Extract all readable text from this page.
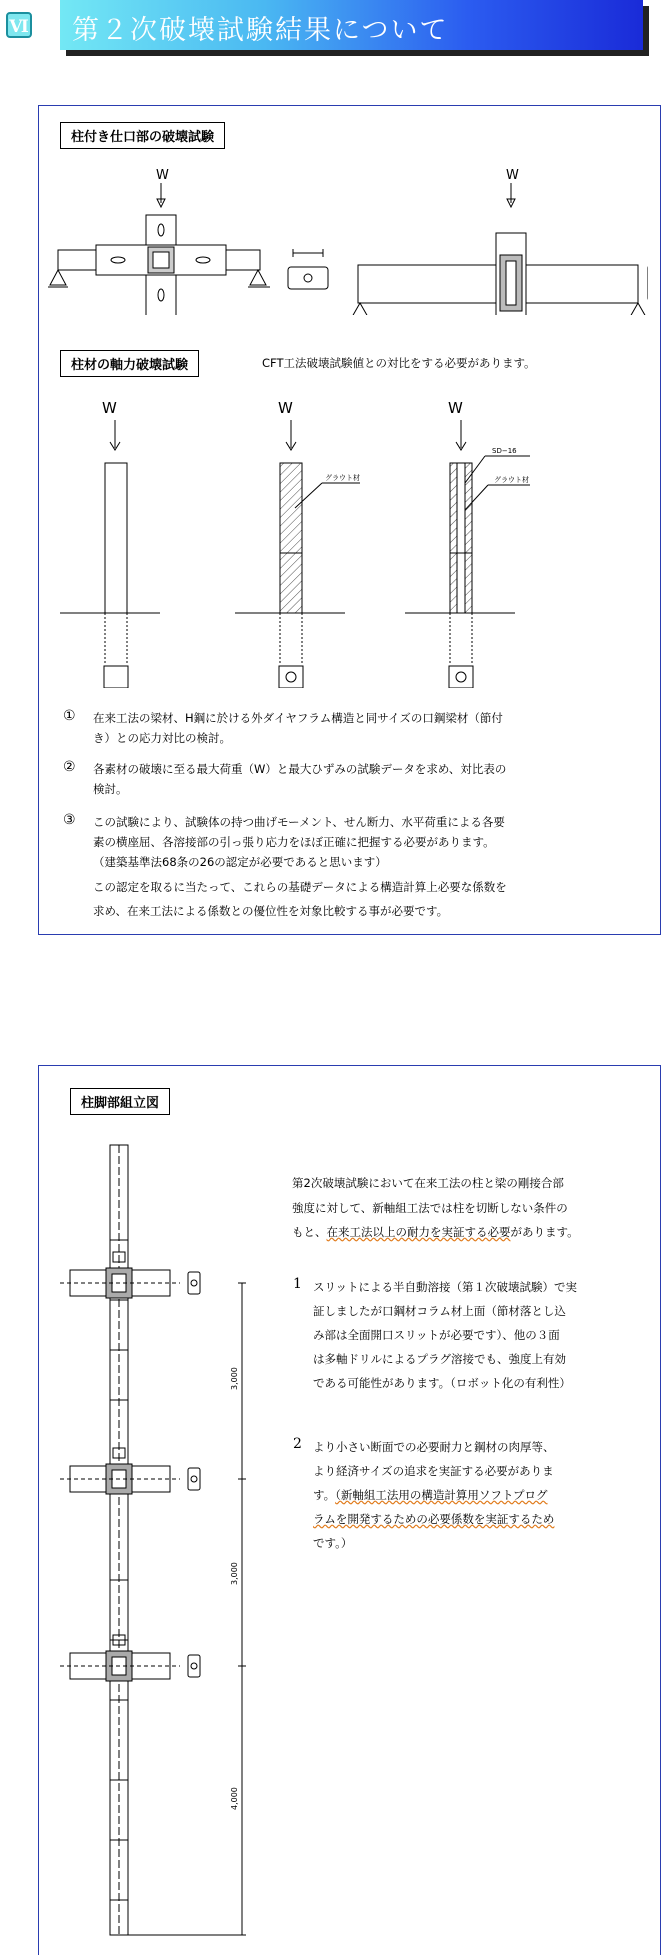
Ⅵ 第２次破壊試験結果について
柱付き仕口部の破壊試験
W	W
柱材の軸力破壊試験	CFT工法破壊試験値との対比をする必要があります。
W	W
グラウト材
W
SD−16
グラウト材
① 在来工法の梁材、H鋼に於ける外ダイヤフラム構造と同サイズの口鋼梁材（節付
き）との応力対比の検討。
② 各素材の破壊に至る最大荷重（W）と最大ひずみの試験データを求め、対比表の
検討。
③ この試験により、試験体の持つ曲げモーメント、せん断力、水平荷重による各要
素の横座屈、各溶接部の引っ張り応力をほぼ正確に把握する必要があります。
（建築基準法68条の26の認定が必要であると思います）
この認定を取るに当たって、これらの基礎データによる構造計算上必要な係数を
求め、在来工法による係数との優位性を対象比較する事が必要です。
柱脚部組立図
3,000
3,000
4,000
第2次破壊試験において在来工法の柱と梁の剛接合部
強度に対して、新軸組工法では柱を切断しない条件の
もと、在来工法以上の耐力を実証する必要があります。
1 スリットによる半自動溶接（第１次破壊試験）で実
証しましたが口鋼材コラム材上面（節材落とし込
み部は全面開口スリットが必要です）、他の３面
は多軸ドリルによるプラグ溶接でも、強度上有効
である可能性があります。（ロボット化の有利性）
2 より小さい断面での必要耐力と鋼材の肉厚等、
より経済サイズの追求を実証する必要がありま
す。（新軸組工法用の構造計算用ソフトプログ
ラムを開発するための必要係数を実証するため
です。）
